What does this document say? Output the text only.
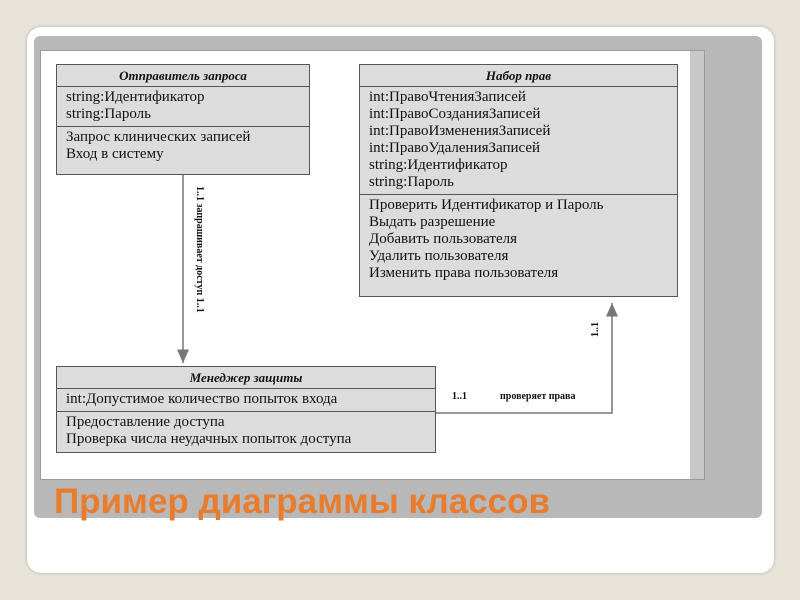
Отправитель запроса
string:Идентификатор
string:Пароль
Запрос клинических записей
Вход в систему
Набор прав
int:ПравоЧтенияЗаписей
int:ПравоСозданияЗаписей
int:ПравоИзмененияЗаписей
int:ПравоУдаленияЗаписей
string:Идентификатор
string:Пароль
Проверить Идентификатор и Пароль
Выдать разрешение
Добавить пользователя
Удалить пользователя
Изменить права пользователя
Менеджер защиты
int:Допустимое количество попыток входа
Предоставление доступа
Проверка числа неудачных попыток доступа
1..1 запрашивает доступ 1..1
1..1	проверяет права
1..1
Пример диаграммы классов
